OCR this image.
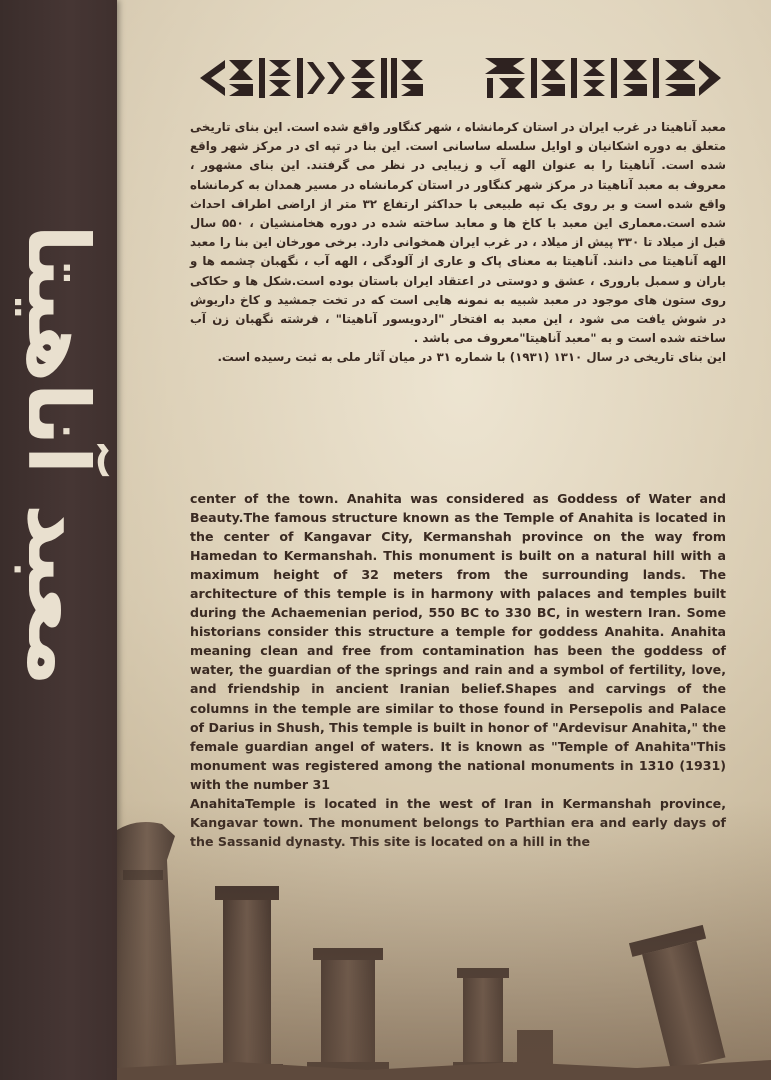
معبد آناهیتا

معبد آناهیتا در غرب ایران در استان کرمانشاه ، شهر کنگاور واقع شده است. این بنای تاریخی متعلق به دوره اشکانیان و اوایل سلسله ساسانی است. این بنا در تپه ای در مرکز شهر واقع شده است. آناهیتا را به عنوان الهه آب و زیبایی در نظر می گرفتند. این بنای مشهور ، معروف به معبد آناهیتا در مرکز شهر کنگاور در استان کرمانشاه در مسیر همدان به کرمانشاه واقع شده است و بر روی یک تپه طبیعی با حداکثر ارتفاع ۳۲ متر از اراضی اطراف احداث شده است.معماری این معبد با کاخ ها و معابد ساخته شده در دوره هخامنشیان ، ۵۵۰ سال قبل از میلاد تا ۳۳۰ پیش از میلاد ، در غرب ایران همخوانی دارد. برخی مورخان این بنا را معبد الهه آناهیتا می دانند. آناهیتا به معنای پاک و عاری از آلودگی ، الهه آب ، نگهبان چشمه ها و باران و سمبل باروری ، عشق و دوستی در اعتقاد ایران باستان بوده است.شکل ها و حکاکی روی ستون های موجود در معبد شبیه به نمونه هایی است که در تخت جمشید و کاخ داریوش در شوش یافت می شود ، این معبد به افتخار "اردویسور آناهیتا" ، فرشته نگهبان زن آب ساخته شده است و به "معبد آناهیتا"معروف می باشد .

این بنای تاریخی در سال ۱۳۱۰ (۱۹۳۱) با شماره ۳۱ در میان آثار ملی به ثبت رسیده است.

center of the town. Anahita was considered as Goddess of Water and Beauty.The famous structure known as the Temple of Anahita is located in the center of Kangavar City, Kermanshah province on the way from Hamedan to Kermanshah. This monument is built on a natural hill with a maximum height of 32 meters from the surrounding lands. The architecture of this temple is in harmony with palaces and temples built during the Achaemenian period, 550 BC to 330 BC, in western Iran. Some historians consider this structure a temple for goddess Anahita. Anahita meaning clean and free from contamination has been the goddess of water, the guardian of the springs and rain and a symbol of fertility, love, and friendship in ancient Iranian belief.Shapes and carvings of the columns in the temple are similar to those found in Persepolis and Palace of Darius in Shush, This temple is built in honor of "Ardevisur Anahita," the female guardian angel of waters. It is known as "Temple of Anahita"This monument was registered among the national monuments in 1310 (1931) with the number 31
